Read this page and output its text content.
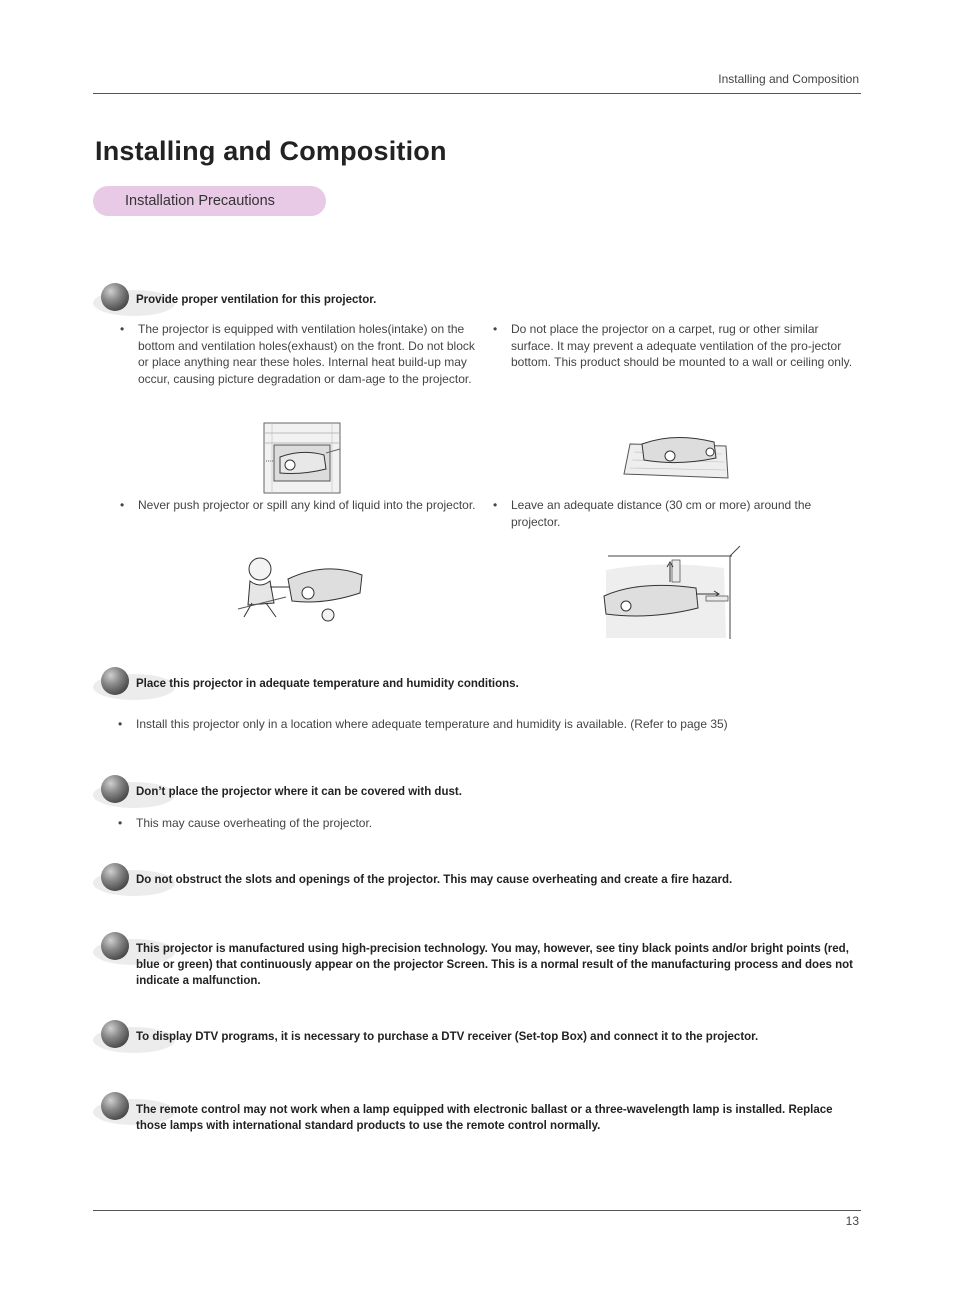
Installing and Composition
Installing and Composition
Installation Precautions
Provide proper ventilation for this projector.
• The projector is equipped with ventilation holes(intake) on the bottom and ventilation holes(exhaust) on the front. Do not block or place anything near these holes. Internal heat build-up may occur, causing picture degradation or dam-age to the projector.
• Do not place the projector on a carpet, rug or other similar surface. It may prevent a adequate ventilation of the pro-jector bottom. This product should be mounted to a wall or ceiling only.
• Never push projector or spill any kind of liquid into the projector.	• Leave an adequate distance (30 cm or more) around the projector.
Place this projector in adequate temperature and humidity conditions.
• Install this projector only in a location where adequate temperature and humidity is available. (Refer to page 35)
Don’t place the projector where it can be covered with dust.
• This may cause overheating of the projector.
Do not obstruct the slots and openings of the projector. This may cause overheating and create a fire hazard.
This projector is manufactured using high-precision technology. You may, however, see tiny black points and/or bright points (red, blue or green) that continuously appear on the projector Screen. This is a normal result of the manufacturing process and does not indicate a malfunction.
To display DTV programs, it is necessary to purchase a DTV receiver (Set-top Box) and connect it to the projector.
The remote control may not work when a lamp equipped with electronic ballast or a three-wavelength lamp is installed. Replace those lamps with international standard products to use the remote control normally.
13
